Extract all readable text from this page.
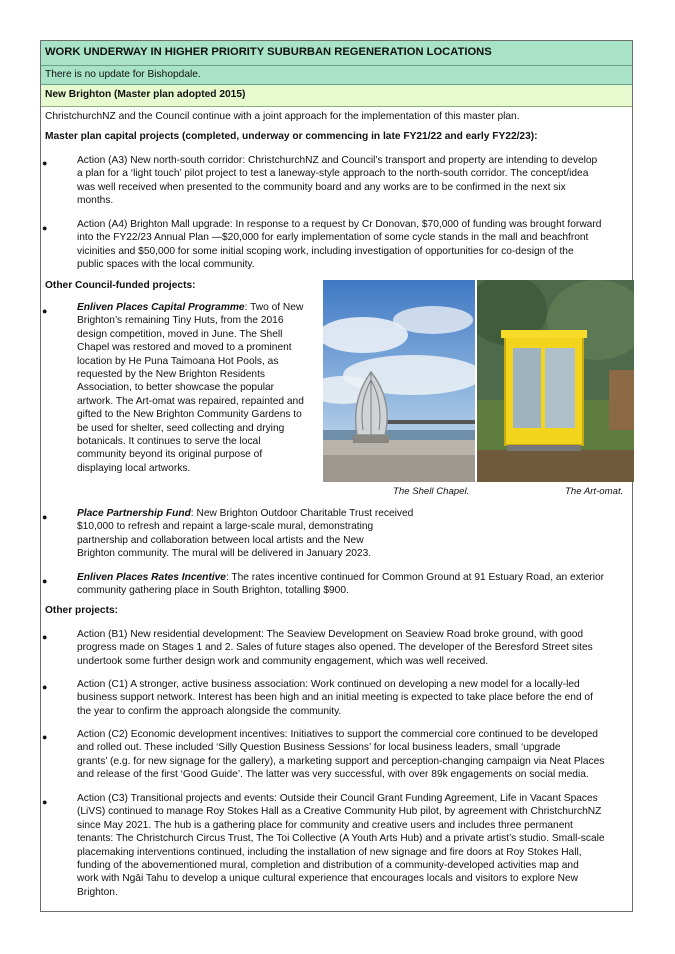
WORK UNDERWAY IN HIGHER PRIORITY SUBURBAN REGENERATION LOCATIONS
There is no update for Bishopdale.
New Brighton (Master plan adopted 2015)
ChristchurchNZ and the Council continue with a joint approach for the implementation of this master plan.
Master plan capital projects (completed, underway or commencing in late FY21/22 and early FY22/23):
●	Action (A3) New north-south corridor: ChristchurchNZ and Council’s transport and property are intending to develop
a plan for a ‘light touch’ pilot project to test a laneway-style approach to the north-south corridor. The concept/idea
was well received when presented to the community board and any works are to be confirmed in the next six
months.
●	Action (A4) Brighton Mall upgrade: In response to a request by Cr Donovan, $70,000 of funding was brought forward
into the FY22/23 Annual Plan —$20,000 for early implementation of some cycle stands in the mall and beachfront
vicinities and $50,000 for some initial scoping work, including investigation of opportunities for co-design of the
public spaces with the local community.
Other Council-funded projects:
●	Enliven Places Capital Programme: Two of New
Brighton’s remaining Tiny Huts, from the 2016
design competition, moved in June. The Shell
Chapel was restored and moved to a prominent
location by He Puna Taimoana Hot Pools, as
requested by the New Brighton Residents
Association, to better showcase the popular
artwork. The Art-omat was repaired, repainted and
gifted to the New Brighton Community Gardens to
be used for shelter, seed collecting and drying
botanicals. It continues to serve the local
community beyond its original purpose of
displaying local artworks.
The Shell Chapel.	The Art-omat.
●	Place Partnership Fund: New Brighton Outdoor Charitable Trust received
$10,000 to refresh and repaint a large-scale mural, demonstrating
partnership and collaboration between local artists and the New
Brighton community. The mural will be delivered in January 2023.
●	Enliven Places Rates Incentive: The rates incentive continued for Common Ground at 91 Estuary Road, an exterior
community gathering place in South Brighton, totalling $900.
Other projects:
●	Action (B1) New residential development: The Seaview Development on Seaview Road broke ground, with good
progress made on Stages 1 and 2. Sales of future stages also opened. The developer of the Beresford Street sites
undertook some further design work and community engagement, which was well received.
●	Action (C1) A stronger, active business association: Work continued on developing a new model for a locally-led
business support network. Interest has been high and an initial meeting is expected to take place before the end of
the year to confirm the approach alongside the community.
●	Action (C2) Economic development incentives: Initiatives to support the commercial core continued to be developed
and rolled out. These included ‘Silly Question Business Sessions’ for local business leaders, small ‘upgrade
grants’ (e.g. for new signage for the gallery), a marketing support and perception-changing campaign via Neat Places
and release of the first ‘Good Guide’. The latter was very successful, with over 89k engagements on social media.
●	Action (C3) Transitional projects and events: Outside their Council Grant Funding Agreement, Life in Vacant Spaces
(LiVS) continued to manage Roy Stokes Hall as a Creative Community Hub pilot, by agreement with ChristchurchNZ
since May 2021. The hub is a gathering place for community and creative users and includes three permanent
tenants: The Christchurch Circus Trust, The Toi Collective (A Youth Arts Hub) and a private artist’s studio. Small-scale
placemaking interventions continued, including the installation of new signage and fire doors at Roy Stokes Hall,
funding of the abovementioned mural, completion and distribution of a community-developed activities map and
work with Ngāi Tahu to develop a unique cultural experience that encourages locals and visitors to explore New
Brighton.
